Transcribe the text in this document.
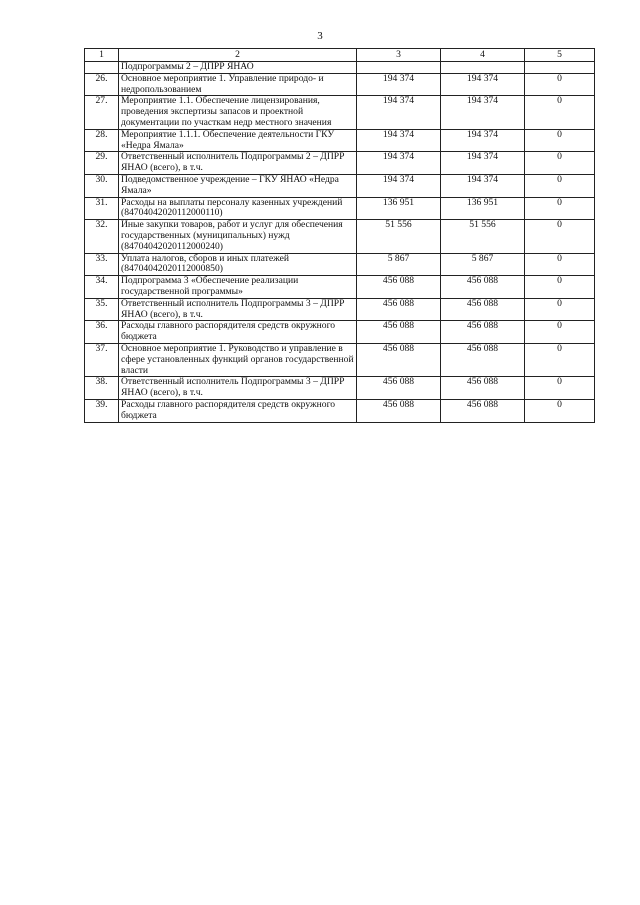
3
1	2	3	4	5
	Подпрограммы 2 – ДПРР ЯНАО			
26.	Основное мероприятие 1. Управление природо- и недропользованием	194 374	194 374	0
27.	Мероприятие 1.1. Обеспечение лицензирования, проведения экспертизы запасов и проектной документации по участкам недр местного значения	194 374	194 374	0
28.	Мероприятие 1.1.1. Обеспечение деятельности ГКУ «Недра Ямала»	194 374	194 374	0
29.	Ответственный исполнитель Подпрограммы 2 – ДПРР ЯНАО (всего), в т.ч.	194 374	194 374	0
30.	Подведомственное учреждение – ГКУ ЯНАО «Недра Ямала»	194 374	194 374	0
31.	Расходы на выплаты персоналу казенных учреждений (84704042020112000110)	136 951	136 951	0
32.	Иные закупки товаров, работ и услуг для обеспечения государственных (муниципальных) нужд (84704042020112000240)	51 556	51 556	0
33.	Уплата налогов, сборов и иных платежей (84704042020112000850)	5 867	5 867	0
34.	Подпрограмма 3 «Обеспечение реализации государственной программы»	456 088	456 088	0
35.	Ответственный исполнитель Подпрограммы 3 – ДПРР ЯНАО (всего), в т.ч.	456 088	456 088	0
36.	Расходы главного распорядителя средств окружного бюджета	456 088	456 088	0
37.	Основное мероприятие 1. Руководство и управление в сфере установленных функций органов государственной власти	456 088	456 088	0
38.	Ответственный исполнитель Подпрограммы 3 – ДПРР ЯНАО (всего), в т.ч.	456 088	456 088	0
39.	Расходы главного распорядителя средств окружного бюджета	456 088	456 088	0
